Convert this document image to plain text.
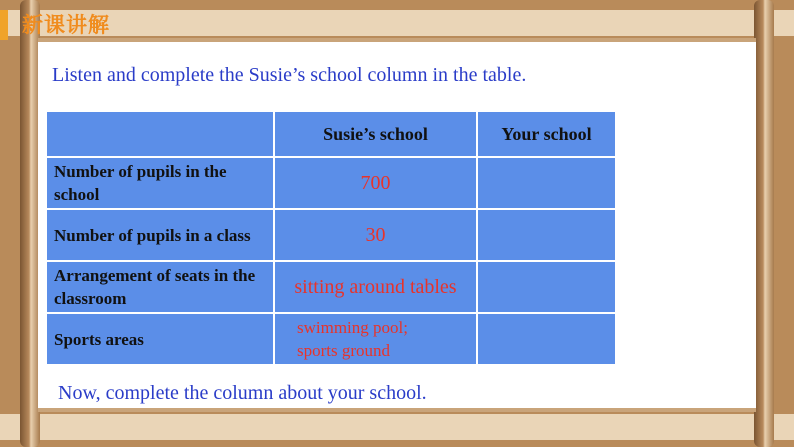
新课讲解
Listen and complete the Susie’s school column in the table.
	Susie’s school	Your school
Number of pupils in the school	700	
Number of pupils in a class	30	
Arrangement of seats in the classroom	sitting around tables	
Sports areas	swimming pool;
sports ground	

Now, complete the column about your school.
